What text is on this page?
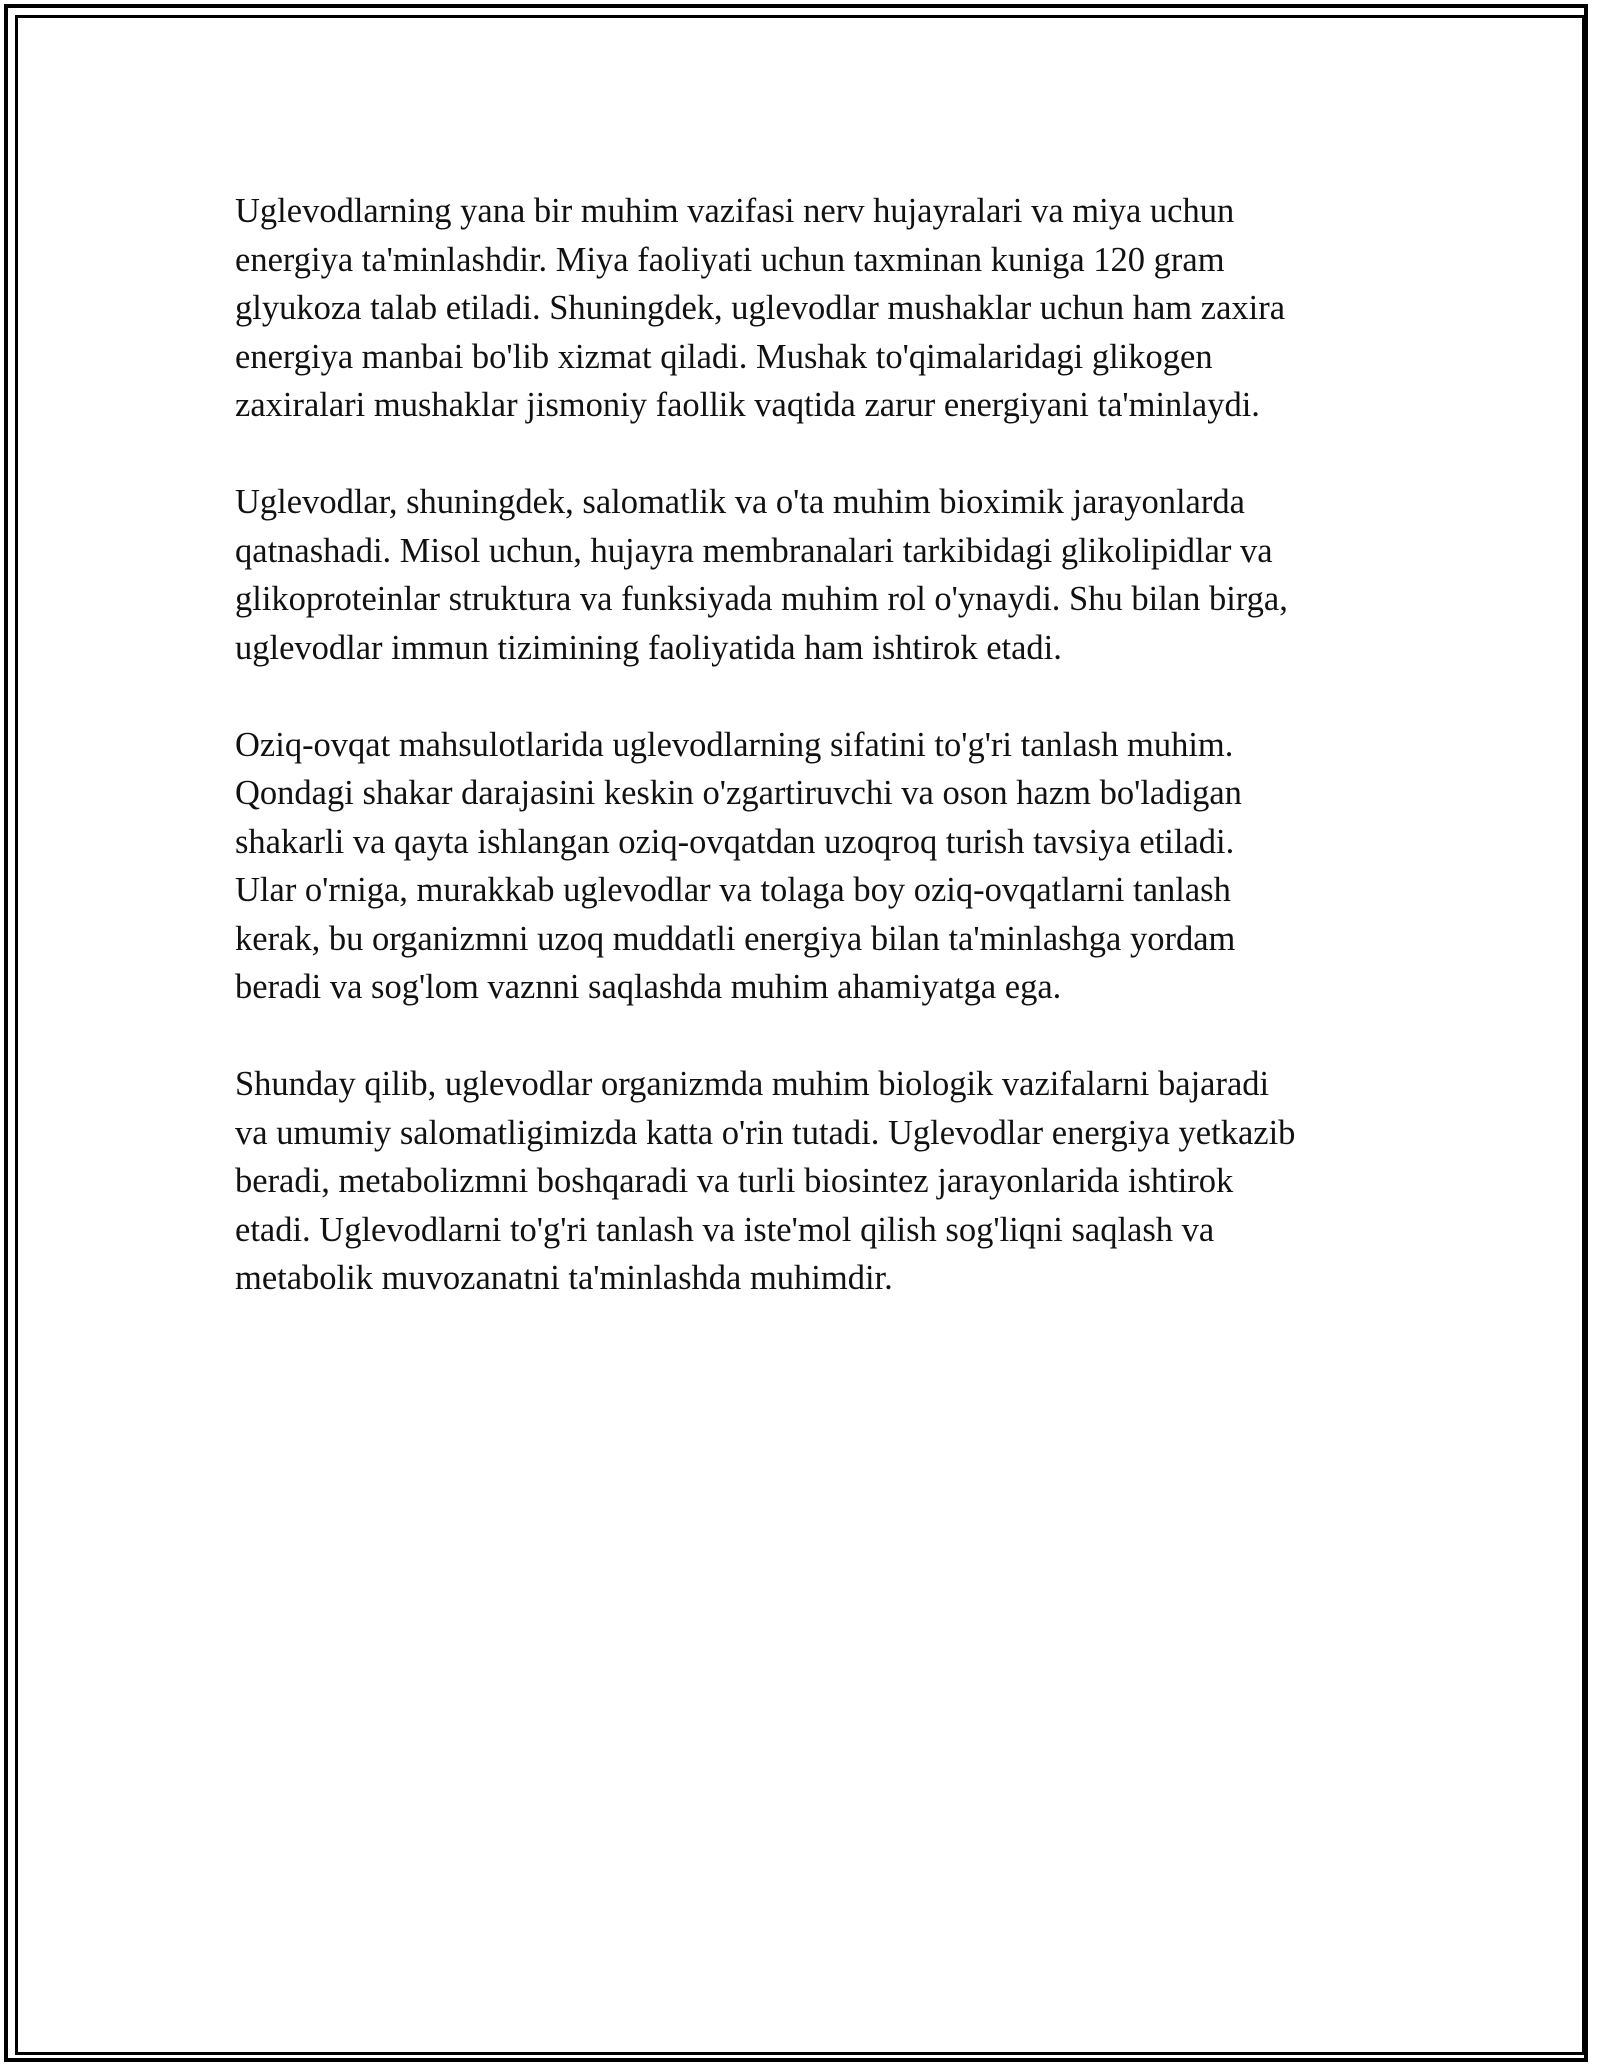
Uglevodlarning yana bir muhim vazifasi nerv hujayralari va miya uchun
energiya ta'minlashdir. Miya faoliyati uchun taxminan kuniga 120 gram
glyukoza talab etiladi. Shuningdek, uglevodlar mushaklar uchun ham zaxira
energiya manbai bo'lib xizmat qiladi. Mushak to'qimalaridagi glikogen
zaxiralari mushaklar jismoniy faollik vaqtida zarur energiyani ta'minlaydi.

Uglevodlar, shuningdek, salomatlik va o'ta muhim bioximik jarayonlarda
qatnashadi. Misol uchun, hujayra membranalari tarkibidagi glikolipidlar va
glikoproteinlar struktura va funksiyada muhim rol o'ynaydi. Shu bilan birga,
uglevodlar immun tizimining faoliyatida ham ishtirok etadi.

Oziq-ovqat mahsulotlarida uglevodlarning sifatini to'g'ri tanlash muhim.
Qondagi shakar darajasini keskin o'zgartiruvchi va oson hazm bo'ladigan
shakarli va qayta ishlangan oziq-ovqatdan uzoqroq turish tavsiya etiladi.
Ular o'rniga, murakkab uglevodlar va tolaga boy oziq-ovqatlarni tanlash
kerak, bu organizmni uzoq muddatli energiya bilan ta'minlashga yordam
beradi va sog'lom vaznni saqlashda muhim ahamiyatga ega.

Shunday qilib, uglevodlar organizmda muhim biologik vazifalarni bajaradi
va umumiy salomatligimizda katta o'rin tutadi. Uglevodlar energiya yetkazib
beradi, metabolizmni boshqaradi va turli biosintez jarayonlarida ishtirok
etadi. Uglevodlarni to'g'ri tanlash va iste'mol qilish sog'liqni saqlash va
metabolik muvozanatni ta'minlashda muhimdir.
